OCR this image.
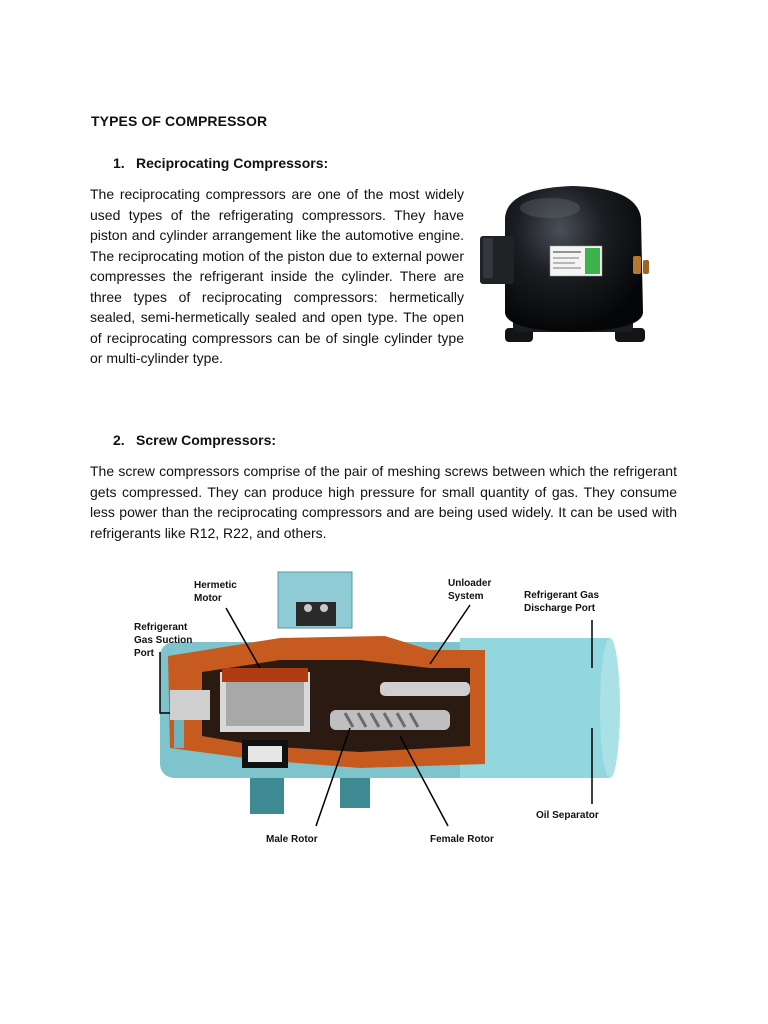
TYPES OF COMPRESSOR
1. Reciprocating Compressors:

The reciprocating compressors are one of the most widely used types of the refrigerating compressors. They have piston and cylinder arrangement like the automotive engine. The reciprocating motion of the piston due to external power compresses the refrigerant inside the cylinder. There are three types of reciprocating compressors: hermetically sealed, semi-hermetically sealed and open type. The open of reciprocating compressors can be of single cylinder type or multi-cylinder type.

2. Screw Compressors:

The screw compressors comprise of the pair of meshing screws between which the refrigerant gets compressed. They can produce high pressure for small quantity of gas. They consume less power than the reciprocating compressors and are being used widely. It can be used with refrigerants like R12, R22, and others.

Hermetic Motor
Refrigerant Gas Suction Port
Unloader System	Refrigerant Gas Discharge Port
Oil Separator
Male Rotor	Female Rotor
